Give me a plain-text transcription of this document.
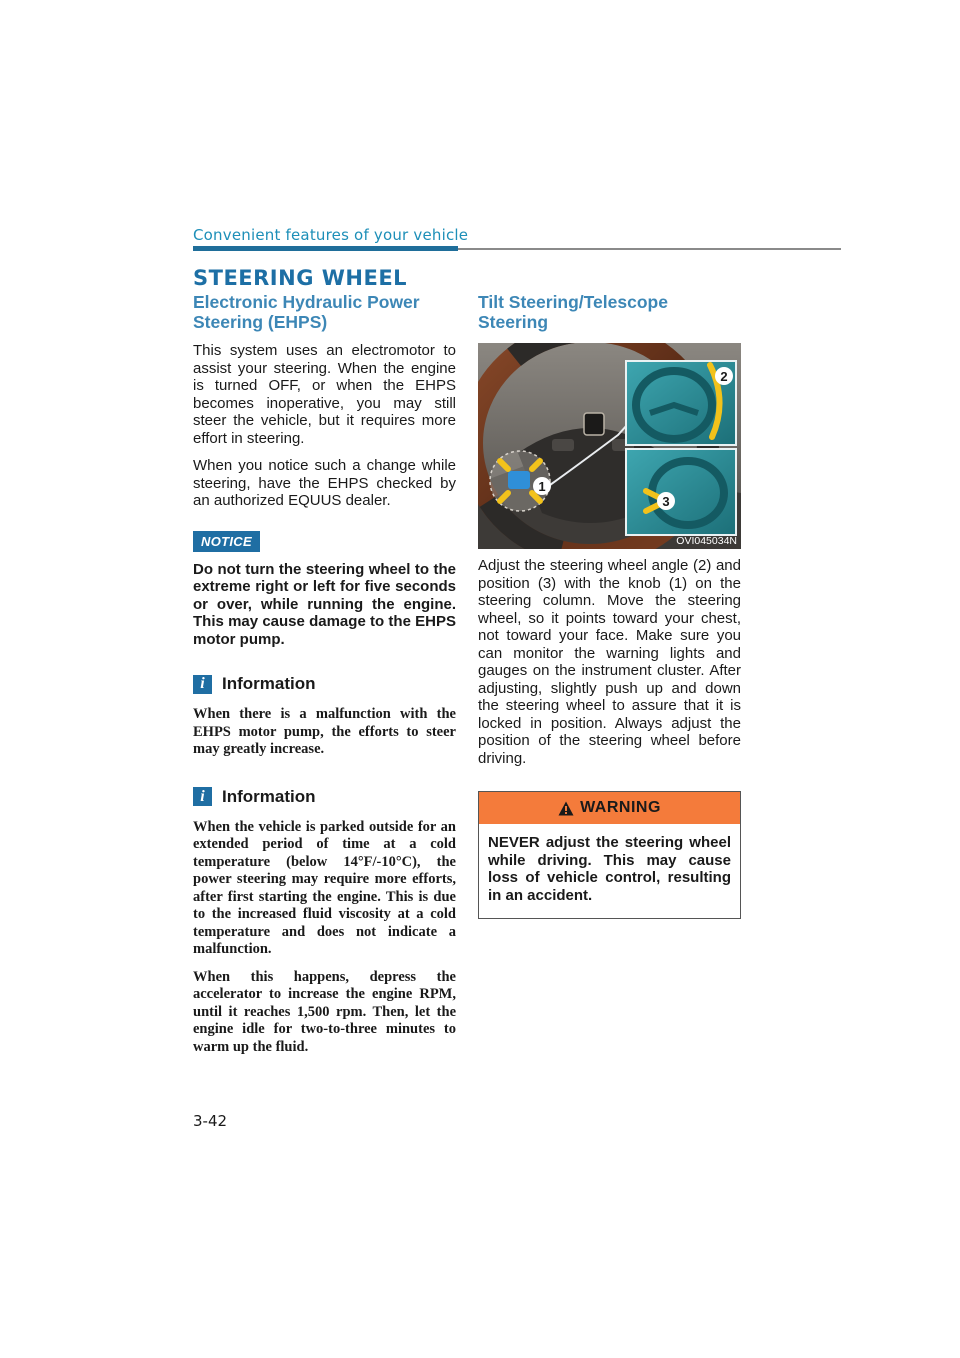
Convenient features of your vehicle
STEERING WHEEL
Electronic Hydraulic Power Steering (EHPS)

This system uses an electromotor to assist your steering. When the engine is turned OFF, or when the EHPS becomes inoperative, you may still steer the vehicle, but it requires more effort in steering.

When you notice such a change while steering, have the EHPS checked by an authorized EQUUS dealer.

NOTICE

Do not turn the steering wheel to the extreme right or left for five seconds or over, while running the engine. This may cause damage to the EHPS motor pump.

i	Information

When there is a malfunction with the EHPS motor pump, the efforts to steer may greatly increase.

i	Information

When the vehicle is parked outside for an extended period of time at a cold temperature (below 14°F/-10°C), the power steering may require more efforts, after first starting the engine. This is due to the increased fluid viscosity at a cold temperature and does not indicate a malfunction.

When this happens, depress the accelerator to increase the engine RPM, until it reaches 1,500 rpm. Then, let the engine idle for two-to-three minutes to warm up the fluid.

Tilt Steering/Telescope Steering
1
2
3
OVI045034N

Adjust the steering wheel angle (2) and position (3) with the knob (1) on the steering column. Move the steering wheel, so it points toward your chest, not toward your face. Make sure you can monitor the warning lights and gauges on the instrument cluster. After adjusting, slightly push up and down the steering wheel to assure that it is locked in position. Always adjust the position of the steering wheel before driving.

WARNING

NEVER adjust the steering wheel while driving. This may cause loss of vehicle control, resulting in an accident.

3-42
